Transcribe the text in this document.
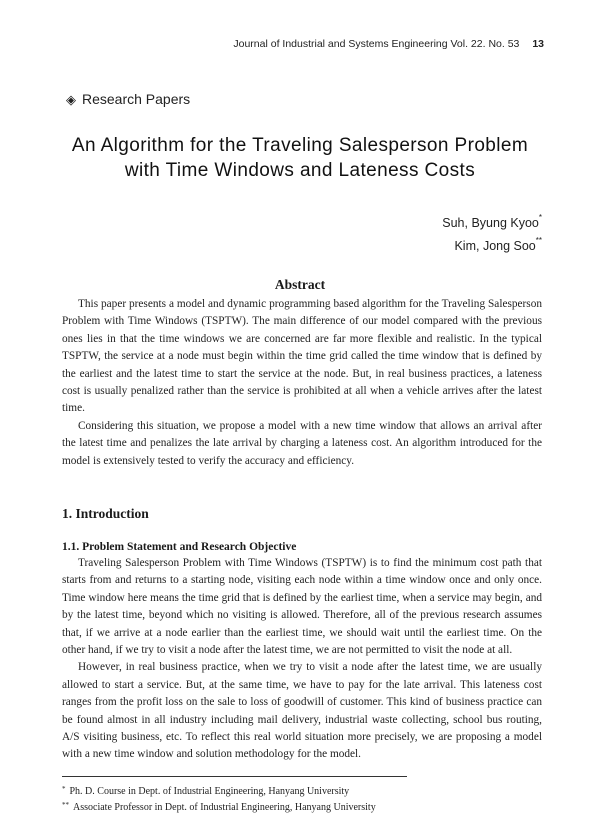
Journal of Industrial and Systems Engineering Vol. 22. No. 53 13
◈ Research Papers
An Algorithm for the Traveling Salesperson Problem
with Time Windows and Lateness Costs
Suh, Byung Kyoo*
Kim, Jong Soo**
Abstract

This paper presents a model and dynamic programming based algorithm for the Traveling Salesperson Problem with Time Windows (TSPTW). The main difference of our model compared with the previous ones lies in that the time windows we are concerned are far more flexible and realistic. In the typical TSPTW, the service at a node must begin within the time grid called the time window that is defined by the earliest and the latest time to start the service at the node. But, in real business practices, a lateness cost is usually penalized rather than the service is prohibited at all when a vehicle arrives after the latest time.

Considering this situation, we propose a model with a new time window that allows an arrival after the latest time and penalizes the late arrival by charging a lateness cost. An algorithm introduced for the model is extensively tested to verify the accuracy and efficiency.

1. Introduction
1.1. Problem Statement and Research Objective

Traveling Salesperson Problem with Time Windows (TSPTW) is to find the minimum cost path that starts from and returns to a starting node, visiting each node within a time window once and only once. Time window here means the time grid that is defined by the earliest time, when a service may begin, and by the latest time, beyond which no visiting is allowed. Therefore, all of the previous research assumes that, if we arrive at a node earlier than the earliest time, we should wait until the earliest time. On the other hand, if we try to visit a node after the latest time, we are not permitted to visit the node at all.

However, in real business practice, when we try to visit a node after the latest time, we are usually allowed to start a service. But, at the same time, we have to pay for the late arrival. This lateness cost ranges from the profit loss on the sale to loss of goodwill of customer. This kind of business practice can be found almost in all industry including mail delivery, industrial waste collecting, school bus routing, A/S visiting business, etc. To reflect this real world situation more precisely, we are proposing a model with a new time window and solution methodology for the model.

* Ph. D. Course in Dept. of Industrial Engineering, Hanyang University
** Associate Professor in Dept. of Industrial Engineering, Hanyang University
